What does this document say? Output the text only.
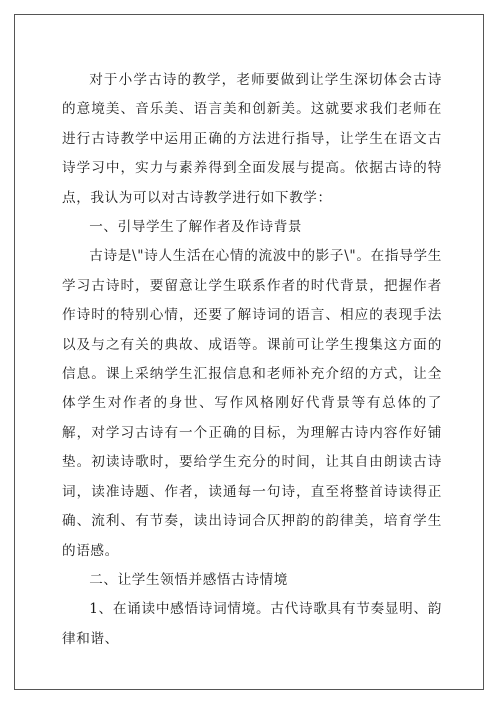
对于小学古诗的教学，老师要做到让学生深切体会古诗的意境美、音乐美、语言美和创新美。这就要求我们老师在进行古诗教学中运用正确的方法进行指导，让学生在语文古诗学习中，实力与素养得到全面发展与提高。依据古诗的特点，我认为可以对古诗教学进行如下教学：

一、引导学生了解作者及作诗背景

古诗是\"诗人生活在心情的流波中的影子\"。在指导学生学习古诗时，要留意让学生联系作者的时代背景，把握作者作诗时的特别心情，还要了解诗词的语言、相应的表现手法以及与之有关的典故、成语等。课前可让学生搜集这方面的信息。课上采纳学生汇报信息和老师补充介绍的方式，让全体学生对作者的身世、写作风格刚好代背景等有总体的了解，对学习古诗有一个正确的目标，为理解古诗内容作好铺垫。初读诗歌时，要给学生充分的时间，让其自由朗读古诗词，读准诗题、作者，读通每一句诗，直至将整首诗读得正确、流利、有节奏，读出诗词合仄押韵的韵律美，培育学生的语感。

二、让学生领悟并感悟古诗情境

1、在诵读中感悟诗词情境。古代诗歌具有节奏显明、韵律和谐、
